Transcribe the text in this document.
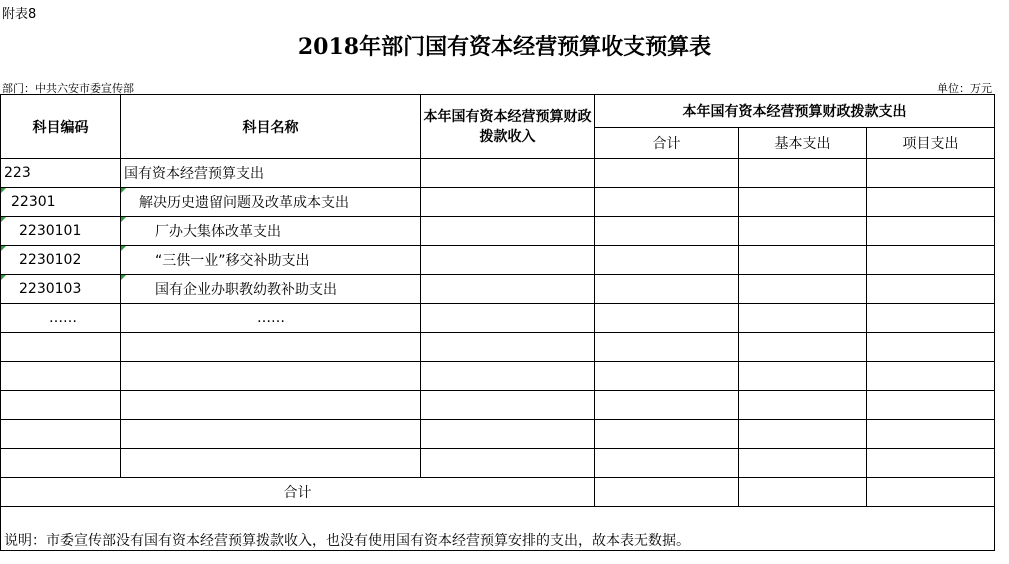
附表8
2018年部门国有资本经营预算收支预算表
部门：中共六安市委宣传部	单位：万元
科目编码	科目名称	本年国有资本经营预算财政拨款收入	本年国有资本经营预算财政拨款支出		
			合计	基本支出	项目支出
223	国有资本经营预算支出				
22301	解决历史遗留问题及改革成本支出				
2230101	厂办大集体改革支出				
2230102	“三供一业”移交补助支出				
2230103	国有企业办职教幼教补助支出				
……	……				

合计					
说明：市委宣传部没有国有资本经营预算拨款收入，也没有使用国有资本经营预算安排的支出，故本表无数据。					
